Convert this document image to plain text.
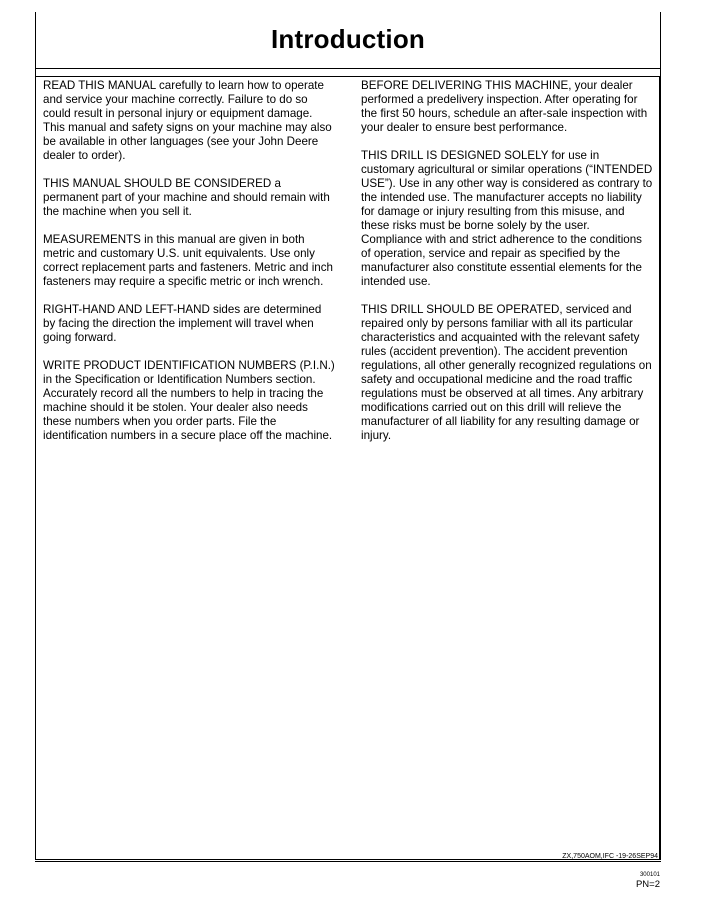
Introduction

READ THIS MANUAL carefully to learn how to operate and service your machine correctly. Failure to do so could result in personal injury or equipment damage. This manual and safety signs on your machine may also be available in other languages (see your John Deere dealer to order).

THIS MANUAL SHOULD BE CONSIDERED a permanent part of your machine and should remain with the machine when you sell it.

MEASUREMENTS in this manual are given in both metric and customary U.S. unit equivalents. Use only correct replacement parts and fasteners. Metric and inch fasteners may require a specific metric or inch wrench.

RIGHT-HAND AND LEFT-HAND sides are determined by facing the direction the implement will travel when going forward.

WRITE PRODUCT IDENTIFICATION NUMBERS (P.I.N.) in the Specification or Identification Numbers section. Accurately record all the numbers to help in tracing the machine should it be stolen. Your dealer also needs these numbers when you order parts. File the identification numbers in a secure place off the machine.

BEFORE DELIVERING THIS MACHINE, your dealer performed a predelivery inspection. After operating for the first 50 hours, schedule an after-sale inspection with your dealer to ensure best performance.

THIS DRILL IS DESIGNED SOLELY for use in customary agricultural or similar operations (“INTENDED USE”). Use in any other way is considered as contrary to the intended use. The manufacturer accepts no liability for damage or injury resulting from this misuse, and these risks must be borne solely by the user. Compliance with and strict adherence to the conditions of operation, service and repair as specified by the manufacturer also constitute essential elements for the intended use.

THIS DRILL SHOULD BE OPERATED, serviced and repaired only by persons familiar with all its particular characteristics and acquainted with the relevant safety rules (accident prevention). The accident prevention regulations, all other generally recognized regulations on safety and occupational medicine and the road traffic regulations must be observed at all times. Any arbitrary modifications carried out on this drill will relieve the manufacturer of all liability for any resulting damage or injury.

ZX,750AOM,IFC -19-26SEP94
300101
PN=2
